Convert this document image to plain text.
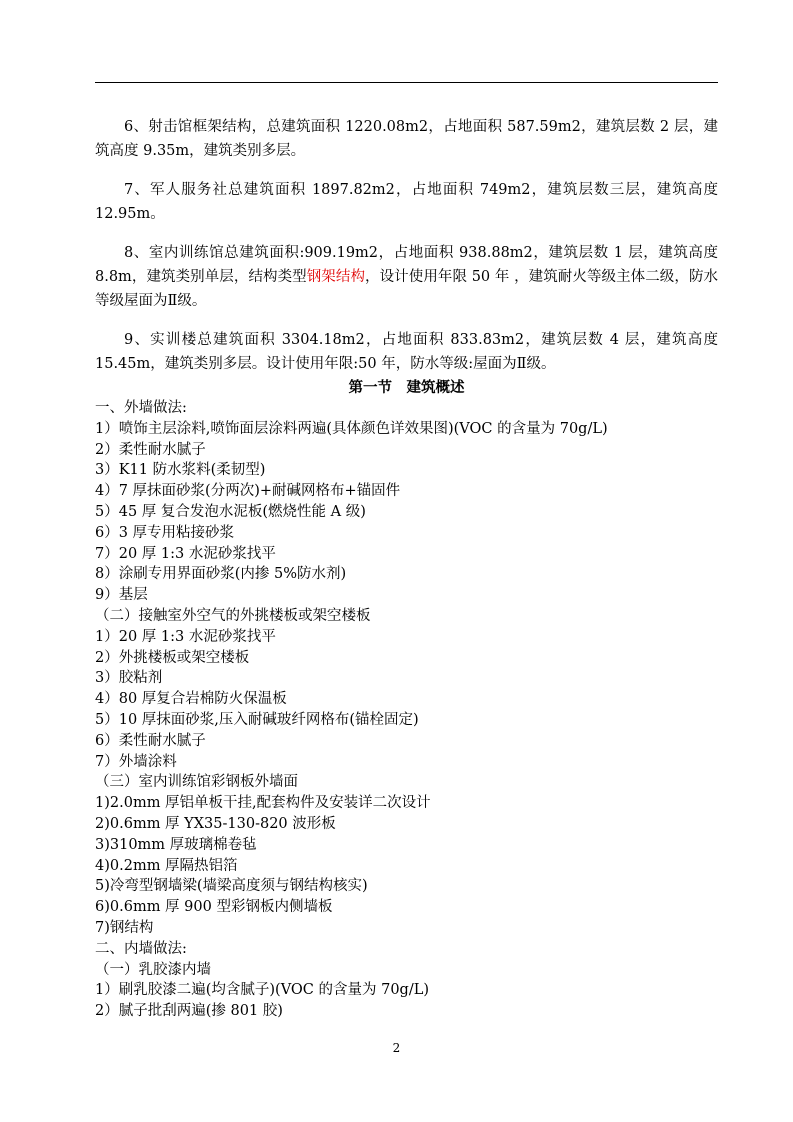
6、射击馆框架结构，总建筑面积 1220.08m2，占地面积 587.59m2，建筑层数 2 层，建筑高度 9.35m，建筑类别多层。

7、军人服务社总建筑面积 1897.82m2，占地面积 749m2，建筑层数三层，建筑高度 12.95m。

8、室内训练馆总建筑面积:909.19m2，占地面积 938.88m2，建筑层数 1 层，建筑高度 8.8m，建筑类别单层，结构类型钢架结构，设计使用年限 50 年 ，建筑耐火等级主体二级，防水等级屋面为Ⅱ级。

9、实训楼总建筑面积 3304.18m2，占地面积 833.83m2，建筑层数 4 层，建筑高度 15.45m，建筑类别多层。设计使用年限:50 年，防水等级:屋面为Ⅱ级。

第一节　建筑概述
一、外墙做法:
1）喷饰主层涂料,喷饰面层涂料两遍(具体颜色详效果图)(VOC 的含量为 70g/L)
2）柔性耐水腻子
3）K11 防水浆料(柔韧型)
4）7 厚抹面砂浆(分两次)+耐碱网格布+锚固件
5）45 厚 复合发泡水泥板(燃烧性能 A 级)
6）3 厚专用粘接砂浆
7）20 厚 1:3 水泥砂浆找平
8）涂刷专用界面砂浆(内掺 5%防水剂)
9）基层
（二）接触室外空气的外挑楼板或架空楼板
1）20 厚 1:3 水泥砂浆找平
2）外挑楼板或架空楼板
3）胶粘剂
4）80 厚复合岩棉防火保温板
5）10 厚抹面砂浆,压入耐碱玻纤网格布(锚栓固定)
6）柔性耐水腻子
7）外墙涂料
（三）室内训练馆彩钢板外墙面
1)2.0mm 厚铝单板干挂,配套构件及安装详二次设计
2)0.6mm 厚 YX35-130-820 波形板
3)310mm 厚玻璃棉卷毡
4)0.2mm 厚隔热铝箔
5)冷弯型钢墙梁(墙梁高度须与钢结构核实)
6)0.6mm 厚 900 型彩钢板内侧墙板
7)钢结构
二、内墙做法:
（一）乳胶漆内墙
1）刷乳胶漆二遍(均含腻子)(VOC 的含量为 70g/L)
2）腻子批刮两遍(掺 801 胶)
2
